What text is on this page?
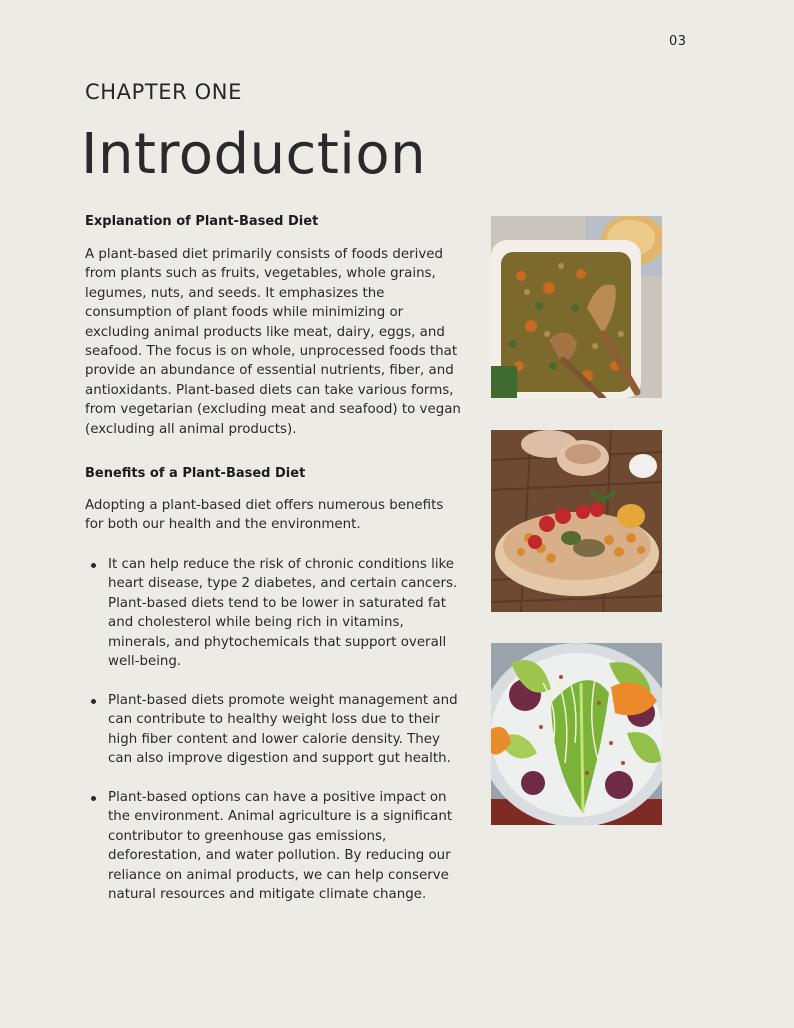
03
CHAPTER ONE
Introduction
Explanation of Plant-Based Diet

A plant-based diet primarily consists of foods derived from plants such as fruits, vegetables, whole grains, legumes, nuts, and seeds. It emphasizes the consumption of plant foods while minimizing or excluding animal products like meat, dairy, eggs, and seafood. The focus is on whole, unprocessed foods that provide an abundance of essential nutrients, fiber, and antioxidants. Plant-based diets can take various forms, from vegetarian (excluding meat and seafood) to vegan (excluding all animal products).

Benefits of a Plant-Based Diet

Adopting a plant-based diet offers numerous benefits for both our health and the environment.

It can help reduce the risk of chronic conditions like heart disease, type 2 diabetes, and certain cancers. Plant-based diets tend to be lower in saturated fat and cholesterol while being rich in vitamins, minerals, and phytochemicals that support overall well-being.
Plant-based diets promote weight management and can contribute to healthy weight loss due to their high fiber content and lower calorie density. They can also improve digestion and support gut health.
Plant-based options can have a positive impact on the environment. Animal agriculture is a significant contributor to greenhouse gas emissions, deforestation, and water pollution. By reducing our reliance on animal products, we can help conserve natural resources and mitigate climate change.
